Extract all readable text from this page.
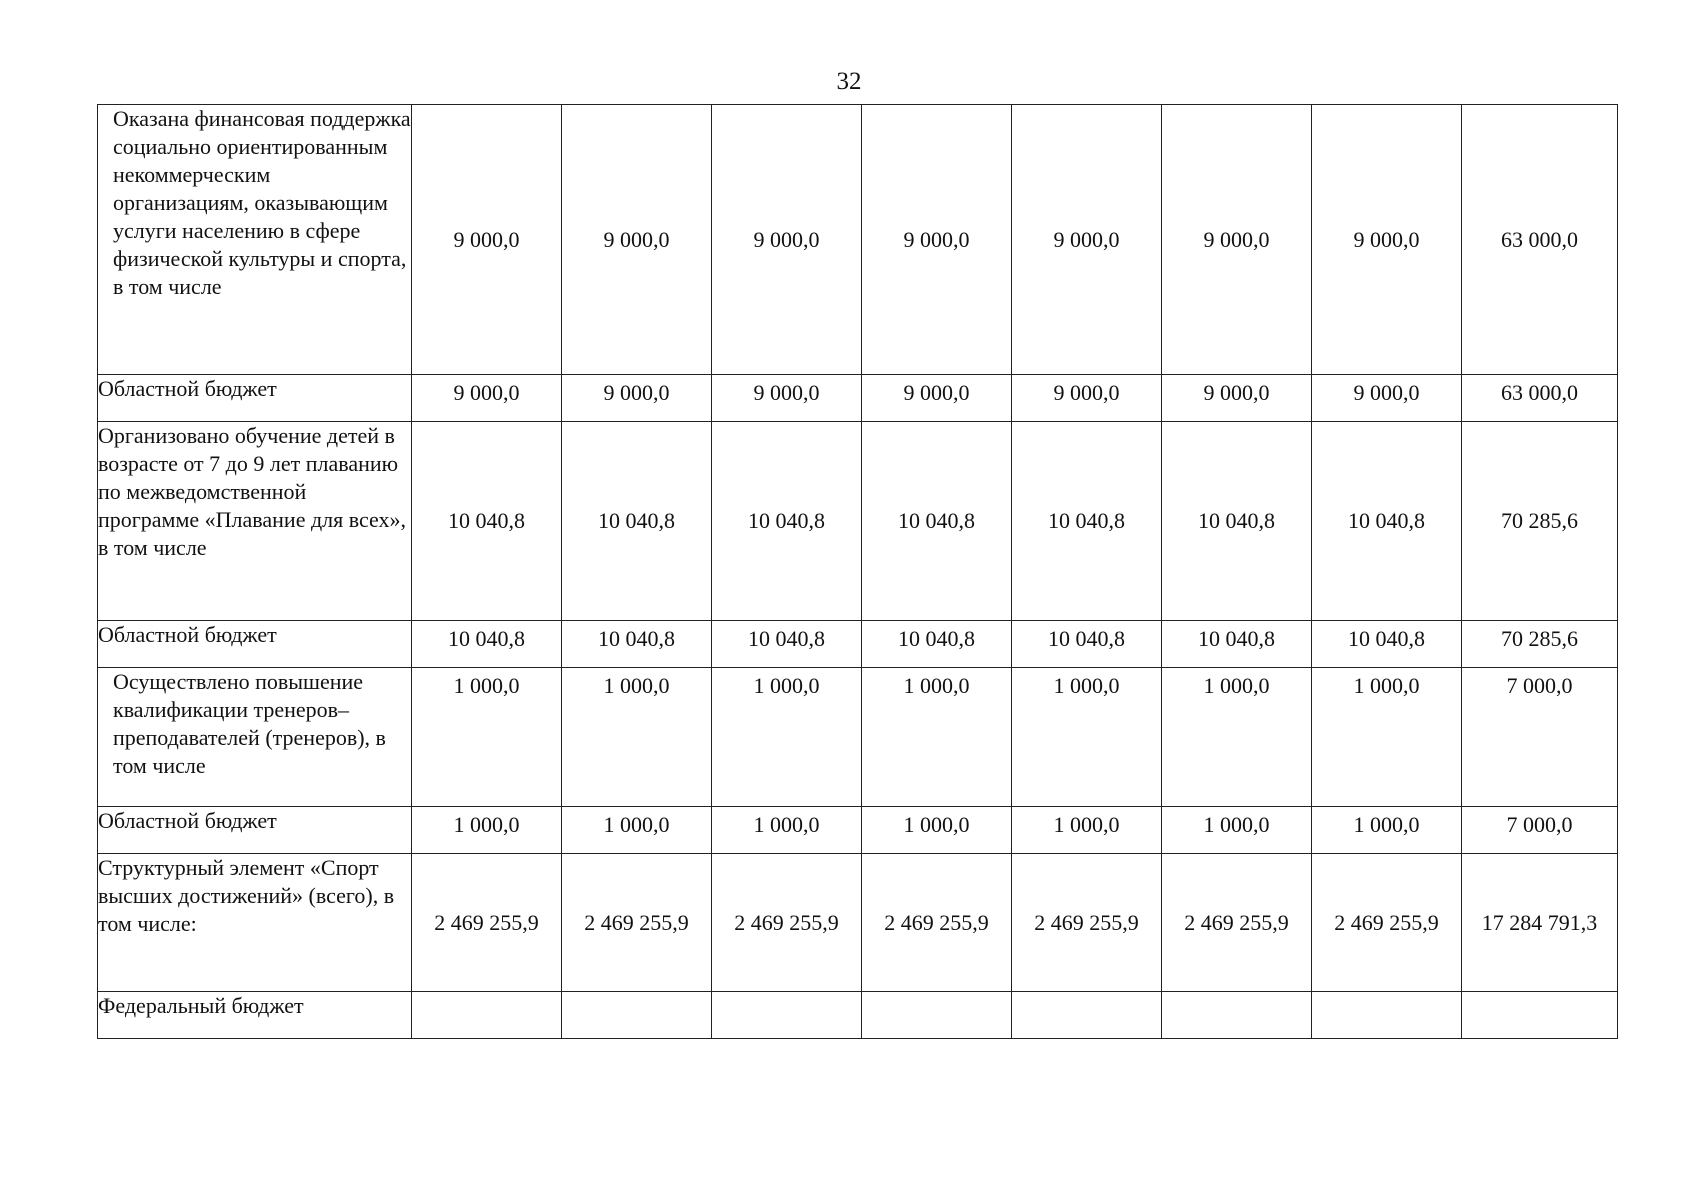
32
Оказана финансовая поддержка социально ориентированным некоммерческим организациям, оказывающим услуги населению в сфере физической культуры и спорта, в том числе	9 000,0	9 000,0	9 000,0	9 000,0	9 000,0	9 000,0	9 000,0	63 000,0
Областной бюджет	9 000,0	9 000,0	9 000,0	9 000,0	9 000,0	9 000,0	9 000,0	63 000,0
Организовано обучение детей в возрасте от 7 до 9 лет плаванию по межведомственной программе «Плавание для всех», в том числе	10 040,8	10 040,8	10 040,8	10 040,8	10 040,8	10 040,8	10 040,8	70 285,6
Областной бюджет	10 040,8	10 040,8	10 040,8	10 040,8	10 040,8	10 040,8	10 040,8	70 285,6
Осуществлено повышение квалификации тренеров–преподавателей (тренеров), в том числе	1 000,0	1 000,0	1 000,0	1 000,0	1 000,0	1 000,0	1 000,0	7 000,0
Областной бюджет	1 000,0	1 000,0	1 000,0	1 000,0	1 000,0	1 000,0	1 000,0	7 000,0
Структурный элемент «Спорт высших достижений» (всего), в том числе:	2 469 255,9	2 469 255,9	2 469 255,9	2 469 255,9	2 469 255,9	2 469 255,9	2 469 255,9	17 284 791,3
Федеральный бюджет								
